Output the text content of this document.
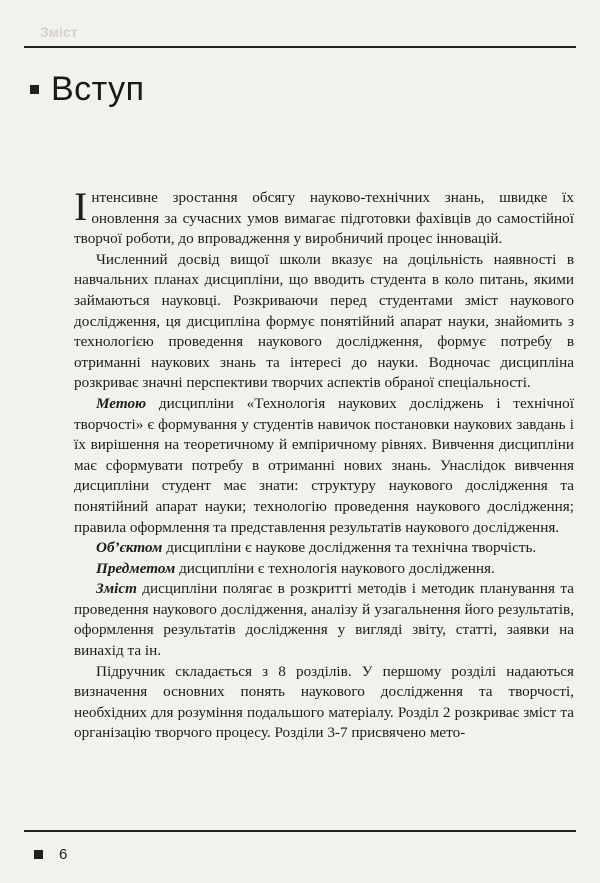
Зміст
Вступ

Інтенсивне зростання обсягу науково-технічних знань, швидке їх оновлення за сучасних умов вимагає підготовки фахівців до самостійної творчої роботи, до впровадження у виробничий процес інновацій.

Численний досвід вищої школи вказує на доцільність наявності в навчальних планах дисципліни, що вводить студента в коло питань, якими займаються науковці. Розкриваючи перед студентами зміст наукового дослідження, ця дисципліна формує понятійний апарат науки, знайомить з технологією проведення наукового дослідження, формує потребу в отриманні наукових знань та інтересі до науки. Водночас дисципліна розкриває значні перспективи творчих аспектів обраної спеціальності.

Метою дисципліни «Технологія наукових досліджень і технічної творчості» є формування у студентів навичок постановки наукових завдань і їх вирішення на теоретичному й емпіричному рівнях. Вивчення дисципліни має сформувати потребу в отриманні нових знань. Унаслідок вивчення дисципліни студент має знати: структуру наукового дослідження та понятійний апарат науки; технологію проведення наукового дослідження; правила оформлення та представлення результатів наукового дослідження.

Об’єктом дисципліни є наукове дослідження та технічна творчість.

Предметом дисципліни є технологія наукового дослідження.

Зміст дисципліни полягає в розкритті методів і методик планування та проведення наукового дослідження, аналізу й узагальнення його результатів, оформлення результатів дослідження у вигляді звіту, статті, заявки на винахід та ін.

Підручник складається з 8 розділів. У першому розділі надаються визначення основних понять наукового дослідження та творчості, необхідних для розуміння подальшого матеріалу. Розділ 2 розкриває зміст та організацію творчого процесу. Розділи 3-7 присвячено мето-

6
